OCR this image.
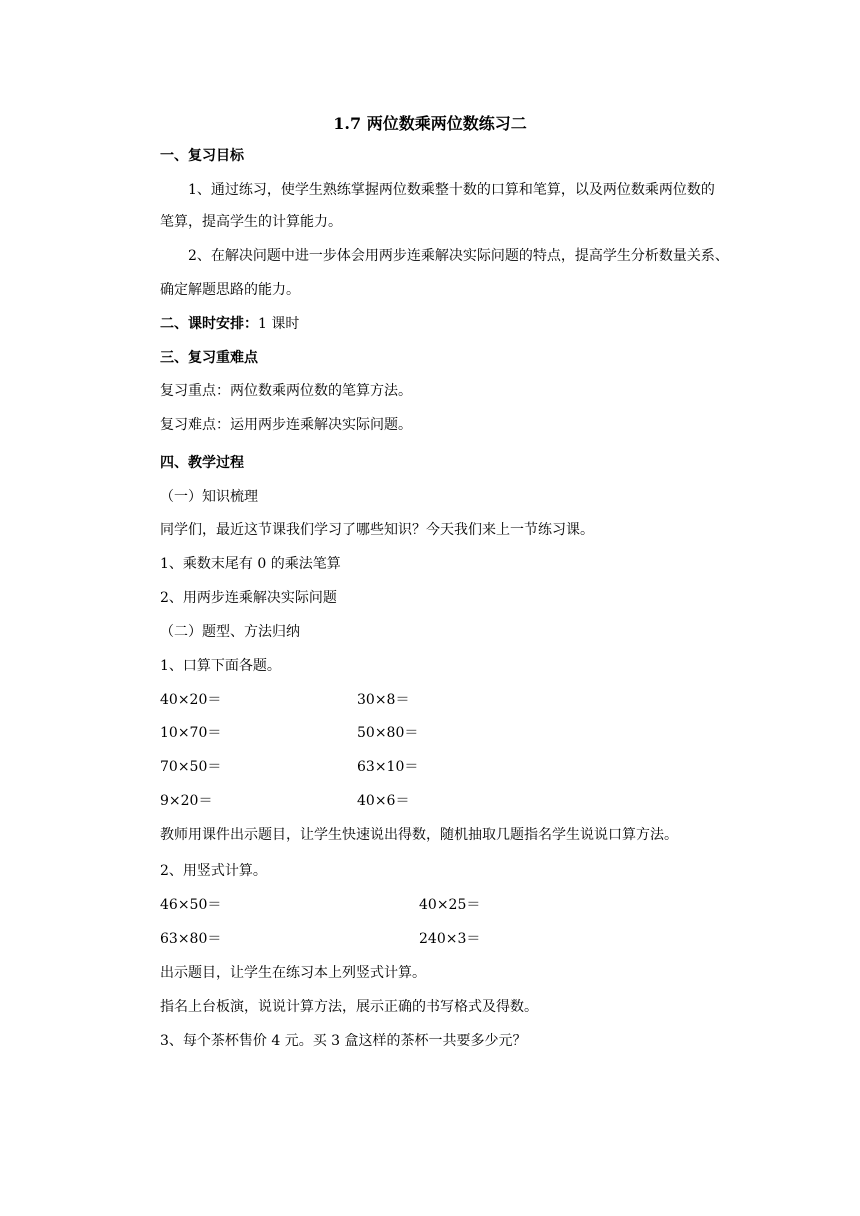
1.7 两位数乘两位数练习二
一、复习目标
1、通过练习，使学生熟练掌握两位数乘整十数的口算和笔算，以及两位数乘两位数的
笔算，提高学生的计算能力。
2、在解决问题中进一步体会用两步连乘解决实际问题的特点，提高学生分析数量关系、
确定解题思路的能力。
二、课时安排：1 课时
三、复习重难点
复习重点：两位数乘两位数的笔算方法。
复习难点：运用两步连乘解决实际问题。
四、教学过程
（一）知识梳理
同学们，最近这节课我们学习了哪些知识？今天我们来上一节练习课。
1、乘数末尾有 0 的乘法笔算
2、用两步连乘解决实际问题
（二）题型、方法归纳
1、口算下面各题。
40×20＝	30×8＝
10×70＝	50×80＝
70×50＝	63×10＝
9×20＝	40×6＝
教师用课件出示题目，让学生快速说出得数，随机抽取几题指名学生说说口算方法。
2、用竖式计算。
46×50＝	40×25＝
63×80＝	240×3＝
出示题目，让学生在练习本上列竖式计算。
指名上台板演，说说计算方法，展示正确的书写格式及得数。
3、每个茶杯售价 4 元。买 3 盒这样的茶杯一共要多少元？
